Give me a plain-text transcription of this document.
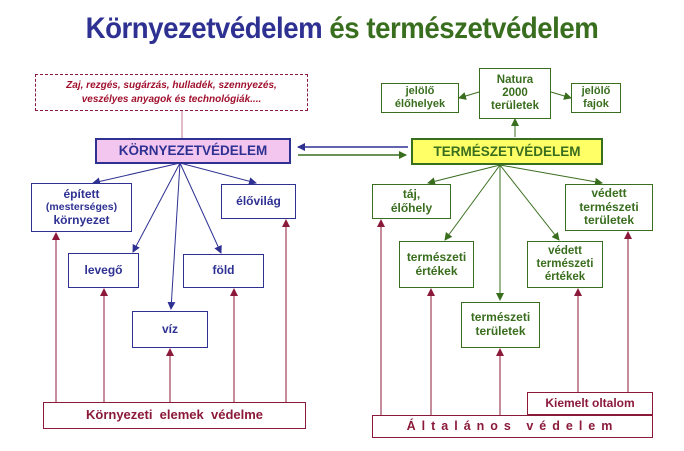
Környezetvédelem és természetvédelem
Zaj, rezgés, sugárzás, hulladék, szennyezés,
veszélyes anyagok és technológiák....
KÖRNYEZETVÉDELEM	TERMÉSZETVÉDELEM
épített
(mesterséges)
környezet
élővilág
levegő	föld
víz
Környezeti  elemek  védelme
Natura
2000
területek
jelölő
élőhelyek
jelölő
fajok
táj,
élőhely
védett
természeti
területek
természeti
értékek
védett
természeti
értékek
természeti
területek
Kiemelt oltalom
Általános védelem
